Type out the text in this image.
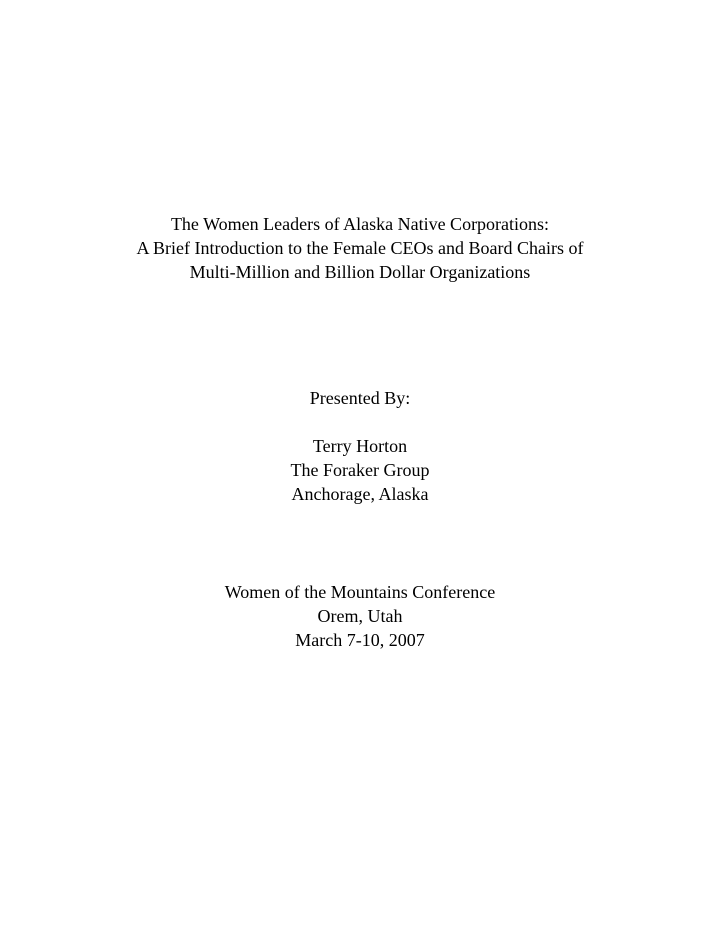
The Women Leaders of Alaska Native Corporations:
A Brief Introduction to the Female CEOs and Board Chairs of
Multi-Million and Billion Dollar Organizations
Presented By:
Terry Horton
The Foraker Group
Anchorage, Alaska
Women of the Mountains Conference
Orem, Utah
March 7-10, 2007
